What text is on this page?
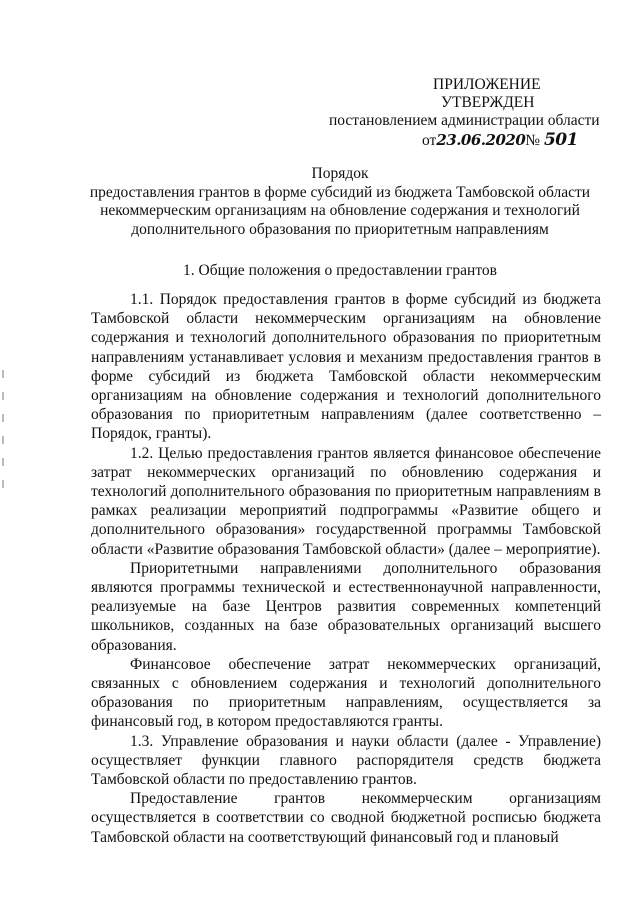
ПРИЛОЖЕНИЕ
УТВЕРЖДЕН
постановлением администрации области
от23.06.2020№ 501
Порядок
предоставления грантов в форме субсидий из бюджета Тамбовской области
некоммерческим организациям на обновление содержания и технологий
дополнительного образования по приоритетным направлениям
1. Общие положения о предоставлении грантов

1.1. Порядок предоставления грантов в форме субсидий из бюджета Тамбовской области некоммерческим организациям на обновление содержания и технологий дополнительного образования по приоритетным направлениям устанавливает условия и механизм предоставления грантов в форме субсидий из бюджета Тамбовской области некоммерческим организациям на обновление содержания и технологий дополнительного образования по приоритетным направлениям (далее соответственно – Порядок, гранты).

1.2. Целью предоставления грантов является финансовое обеспечение затрат некоммерческих организаций по обновлению содержания и технологий дополнительного образования по приоритетным направлениям в рамках реализации мероприятий подпрограммы «Развитие общего и дополнительного образования» государственной программы Тамбовской области «Развитие образования Тамбовской области» (далее – мероприятие).

Приоритетными направлениями дополнительного образования являются программы технической и естественнонаучной направленности, реализуемые на базе Центров развития современных компетенций школьников, созданных на базе образовательных организаций высшего образования.

Финансовое обеспечение затрат некоммерческих организаций, связанных с обновлением содержания и технологий дополнительного образования по приоритетным направлениям, осуществляется за финансовый год, в котором предоставляются гранты.

1.3. Управление образования и науки области (далее - Управление) осуществляет функции главного распорядителя средств бюджета Тамбовской области по предоставлению грантов.

Предоставление грантов некоммерческим организациям осуществляется в соответствии со сводной бюджетной росписью бюджета Тамбовской области на соответствующий финансовый год и плановый
